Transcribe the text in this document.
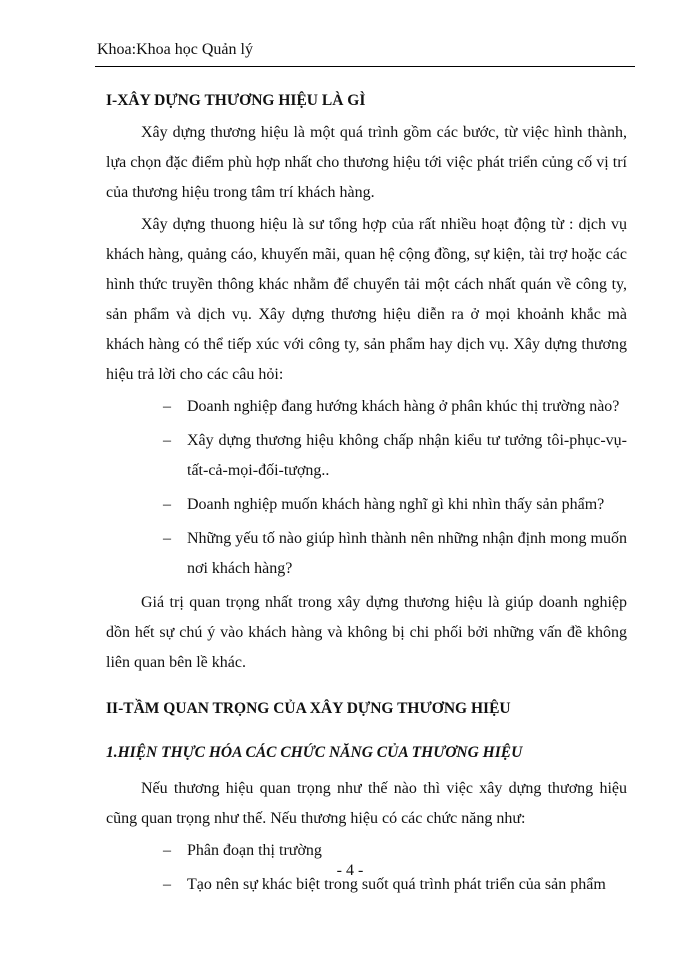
Khoa:Khoa học Quản lý
I-XÂY DỰNG THƯƠNG HIỆU LÀ GÌ

Xây dựng thương hiệu là một quá trình gồm các bước, từ việc hình thành, lựa chọn đặc điểm phù hợp nhất cho thương hiệu tới việc phát triển củng cố vị trí của thương hiệu trong tâm trí khách hàng.

Xây dựng thuong hiệu là sư tổng hợp của rất nhiều hoạt động từ : dịch vụ khách hàng, quảng cáo, khuyến mãi, quan hệ cộng đồng, sự kiện, tài trợ hoặc các hình thức truyền thông khác nhằm để chuyển tải một cách nhất quán về công ty, sản phẩm và dịch vụ. Xây dựng thương hiệu diễn ra ở mọi khoảnh khắc mà khách hàng có thể tiếp xúc với công ty, sản phẩm hay dịch vụ. Xây dựng thương hiệu trả lời cho các câu hỏi:

– Doanh nghiệp đang hướng khách hàng ở phân khúc thị trường nào?
– Xây dựng thương hiệu không chấp nhận kiểu tư tưởng tôi-phục-vụ-tất-cả-mọi-đối-tượng..
– Doanh nghiệp muốn khách hàng nghĩ gì khi nhìn thấy sản phẩm?
– Những yếu tố nào giúp hình thành nên những nhận định mong muốn nơi khách hàng?

Giá trị quan trọng nhất trong xây dựng thương hiệu là giúp doanh nghiệp dồn hết sự chú ý vào khách hàng và không bị chi phối bởi những vấn đề không liên quan bên lề khác.

II-TẦM QUAN TRỌNG CỦA XÂY DỰNG THƯƠNG HIỆU
1.HIỆN THỰC HÓA CÁC CHỨC NĂNG CỦA THƯƠNG HIỆU

Nếu thương hiệu quan trọng như thế nào thì việc xây dựng thương hiệu cũng quan trọng như thế. Nếu thương hiệu có các chức năng như:

– Phân đoạn thị trường
– Tạo nên sự khác biệt trong suốt quá trình phát triển của sản phẩm
- 4 -
